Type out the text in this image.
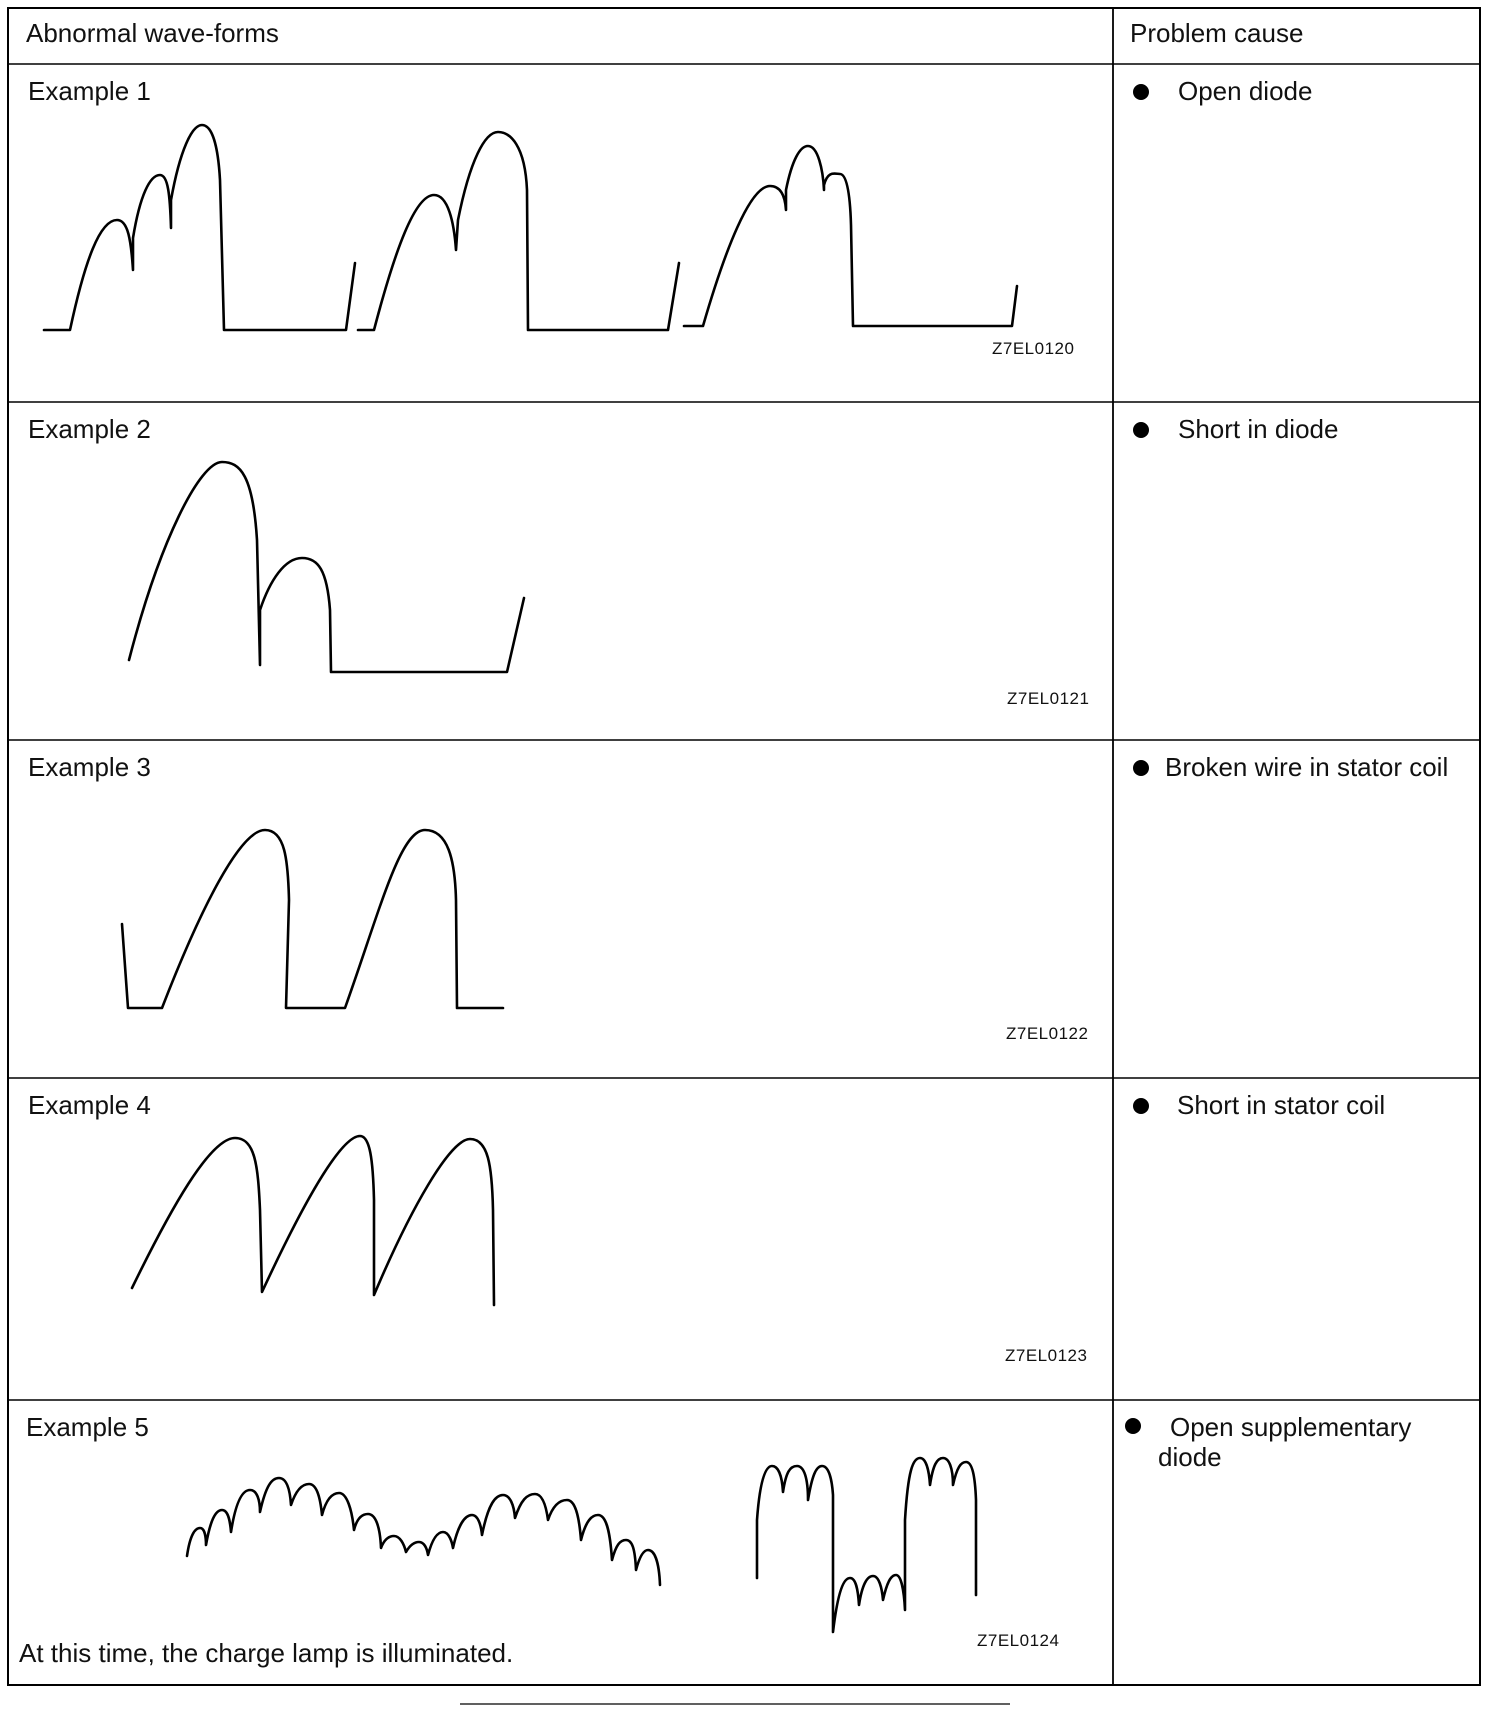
Abnormal wave-forms	Problem cause
Example 1	Open diode
Z7EL0120
Example 2	Short in diode
Z7EL0121
Example 3	Broken wire in stator coil
Z7EL0122
Example 4	Short in stator coil
Z7EL0123
Example 5	Open supplementary
diode
Z7EL0124
At this time, the charge lamp is illuminated.
